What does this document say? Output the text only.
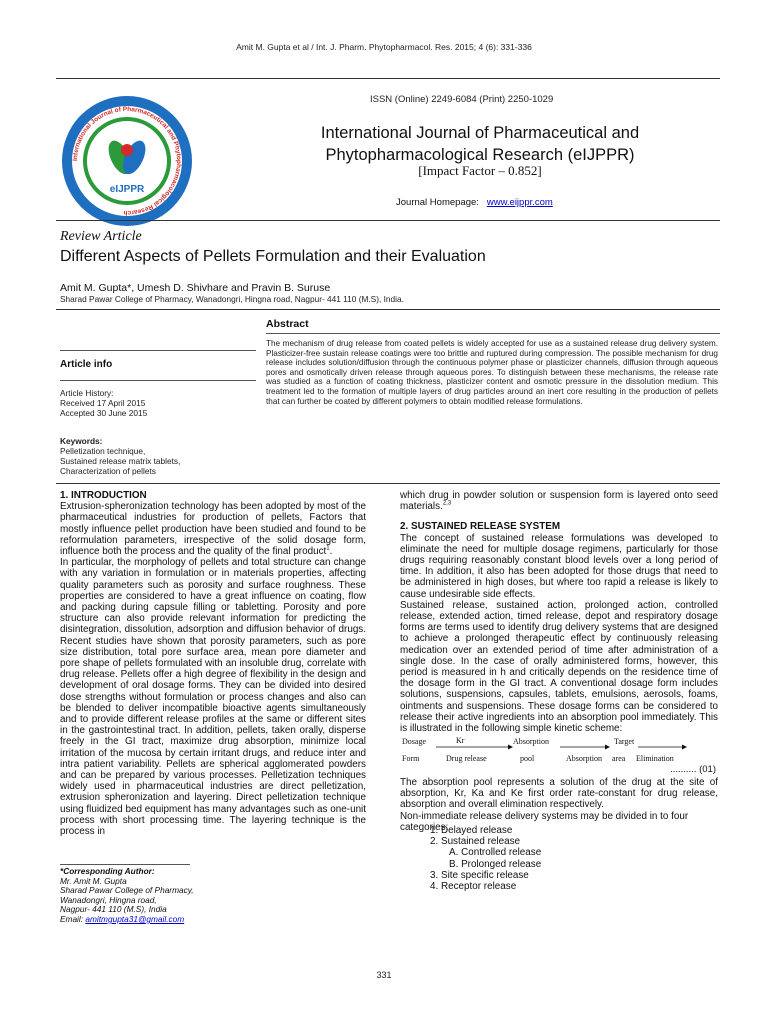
Amit M. Gupta et al / Int. J. Pharm. Phytopharmacol. Res. 2015; 4 (6): 331-336
International Journal of Pharmaceutical and Phytopharmacological Research
eIJPPR
ISSN (Online) 2249-6084 (Print) 2250-1029
International Journal of Pharmaceutical and
Phytopharmacological Research (eIJPPR)
[Impact Factor – 0.852]
Journal Homepage: www.eijppr.com
Review Article
Different Aspects of Pellets Formulation and their Evaluation
Amit M. Gupta*, Umesh D. Shivhare and Pravin B. Suruse
Sharad Pawar College of Pharmacy, Wanadongri, Hingna road, Nagpur- 441 110 (M.S), India.
Abstract
The mechanism of drug release from coated pellets is widely accepted for use as a sustained release drug delivery system. Plasticizer-free sustain release coatings were too brittle and ruptured during compression. The possible mechanism for drug release includes solution/diffusion through the continuous polymer phase or plasticizer channels, diffusion through aqueous pores and osmotically driven release through aqueous pores. To distinguish between these mechanisms, the release rate was studied as a function of coating thickness, plasticizer content and osmotic pressure in the dissolution medium. This treatment led to the formation of multiple layers of drug particles around an inert core resulting in the production of pellets that can further be coated by different polymers to obtain modified release formulations.
Article info
Article History:
Received 17 April 2015
Accepted 30 June 2015
Keywords:
Pelletization technique,
Sustained release matrix tablets,
Characterization of pellets

1. INTRODUCTION

Extrusion-spheronization technology has been adopted by most of the pharmaceutical industries for production of pellets, Factors that mostly influence pellet production have been studied and found to be reformulation parameters, irrespective of the solid dosage form, influence both the process and the quality of the final product$^1$.

In particular, the morphology of pellets and total structure can change with any variation in formulation or in materials properties, affecting quality parameters such as porosity and surface roughness. These properties are considered to have a great influence on coating, flow and packing during capsule filling or tabletting. Porosity and pore structure can also provide relevant information for predicting the disintegration, dissolution, adsorption and diffusion behavior of drugs. Recent studies have shown that porosity parameters, such as pore size distribution, total pore surface area, mean pore diameter and pore shape of pellets formulated with an insoluble drug, correlate with drug release. Pellets offer a high degree of flexibility in the design and development of oral dosage forms. They can be divided into desired dose strengths without formulation or process changes and also can be blended to deliver incompatible bioactive agents simultaneously and to provide different release profiles at the same or different sites in the gastrointestinal tract. In addition, pellets, taken orally, disperse freely in the GI tract, maximize drug absorption, minimize local irritation of the mucosa by certain irritant drugs, and reduce inter and intra patient variability. Pellets are spherical agglomerated powders and can be prepared by various processes. Pelletization techniques widely used in pharmaceutical industries are direct pelletization, extrusion spheronization and layering. Direct pelletization technique using fluidized bed equipment has many advantages such as one-unit process with short processing time. The layering technique is the process in

*Corresponding Author:
Mr. Amit M. Gupta
Sharad Pawar College of Pharmacy,
Wanadongri, Hingna road,
Nagpur- 441 110 (M.S), India
Email: amitmgupta31@gmail.com

which drug in powder solution or suspension form is layered onto seed materials.$^{2,3}$

2. SUSTAINED RELEASE SYSTEM

The concept of sustained release formulations was developed to eliminate the need for multiple dosage regimens, particularly for those drugs requiring reasonably constant blood levels over a long period of time. In addition, it also has been adopted for those drugs that need to be administered in high doses, but where too rapid a release is likely to cause undesirable side effects.

Sustained release, sustained action, prolonged action, controlled release, extended action, timed release, depot and respiratory dosage forms are terms used to identify drug delivery systems that are designed to achieve a prolonged therapeutic effect by continuously releasing medication over an extended period of time after administration of a single dose. In the case of orally administered forms, however, this period is measured in h and critically depends on the residence time of the dosage form in the GI tract. A conventional dosage form includes solutions, suspensions, capsules, tablets, emulsions, aerosols, foams, ointments and suspensions. These dosage forms can be considered to release their active ingredients into an absorption pool immediately. This is illustrated in the following simple kinetic scheme:

Dosage	Kr	Absorption	Target
Form	Drug release	pool	Absorption area Elimination
.......... (01)

The absorption pool represents a solution of the drug at the site of absorption, Kr, Ka and Ke first order rate-constant for drug release, absorption and overall elimination respectively.

Non-immediate release delivery systems may be divided in to four categories:

1. Delayed release
2. Sustained release
A. Controlled release
B. Prolonged release
3. Site specific release
4. Receptor release
331
